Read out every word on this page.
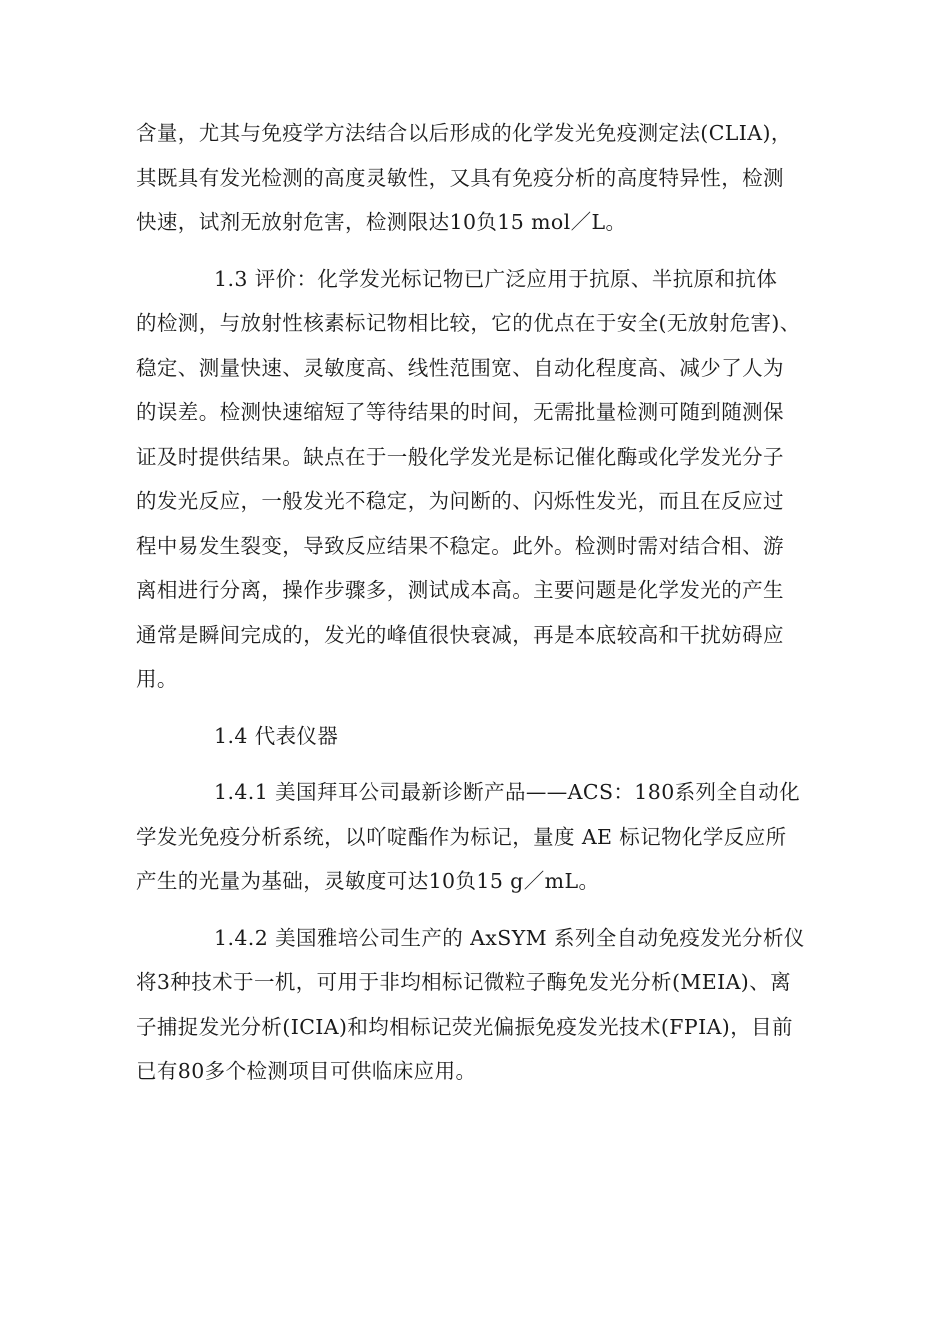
含量，尤其与免疫学方法结合以后形成的化学发光免疫测定法(CLIA)，
其既具有发光检测的高度灵敏性，又具有免疫分析的高度特异性，检测
快速，试剂无放射危害，检测限达10负15 mol／L。

1.3 评价：化学发光标记物已广泛应用于抗原、半抗原和抗体
的检测，与放射性核素标记物相比较，它的优点在于安全(无放射危害)、
稳定、测量快速、灵敏度高、线性范围宽、自动化程度高、减少了人为
的误差。检测快速缩短了等待结果的时间，无需批量检测可随到随测保
证及时提供结果。缺点在于一般化学发光是标记催化酶或化学发光分子
的发光反应，一般发光不稳定，为问断的、闪烁性发光，而且在反应过
程中易发生裂变，导致反应结果不稳定。此外。检测时需对结合相、游
离相进行分离，操作步骤多，测试成本高。主要问题是化学发光的产生
通常是瞬间完成的，发光的峰值很快衰减，再是本底较高和干扰妨碍应
用。

1.4 代表仪器

1.4.1 美国拜耳公司最新诊断产品——ACS：180系列全自动化
学发光免疫分析系统，以吖啶酯作为标记，量度 AE 标记物化学反应所
产生的光量为基础，灵敏度可达10负15 g／mL。

1.4.2 美国雅培公司生产的 AxSYM 系列全自动免疫发光分析仪
将3种技术于一机，可用于非均相标记微粒子酶免发光分析(MEIA)、离
子捕捉发光分析(ICIA)和均相标记荧光偏振免疫发光技术(FPIA)，目前
已有80多个检测项目可供临床应用。
